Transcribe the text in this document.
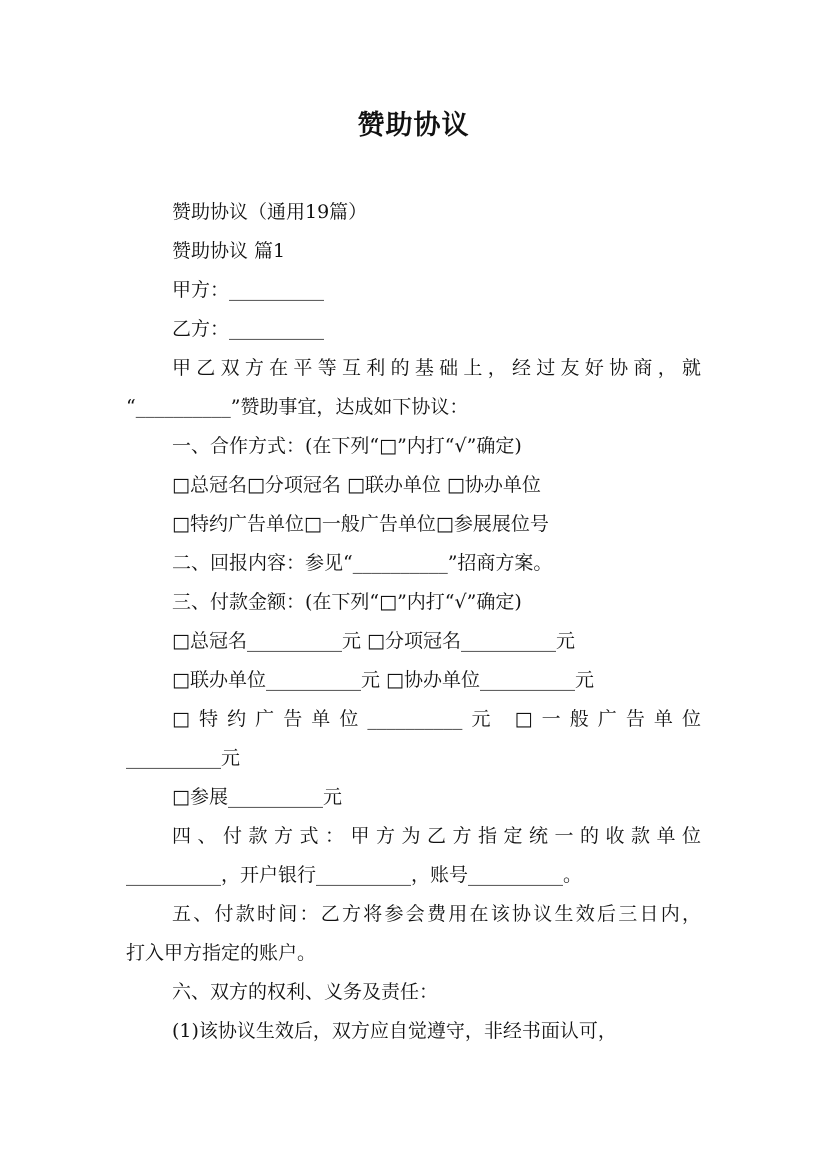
赞助协议
赞助协议（通用19篇）
赞助协议 篇1
甲方：__________
乙方：__________
甲乙双方在平等互利的基础上，经过友好协商，就
“__________”赞助事宜，达成如下协议：
一、合作方式：(在下列“□”内打“√”确定)
□总冠名□分项冠名 □联办单位 □协办单位
□特约广告单位□一般广告单位□参展展位号
二、回报内容：参见“__________”招商方案。
三、付款金额：(在下列“□”内打“√”确定)
□总冠名__________元 □分项冠名__________元
□联办单位__________元 □协办单位__________元
□特约广告单位__________元 □一般广告单位
__________元
□参展__________元
四、付款方式：甲方为乙方指定统一的收款单位
__________，开户银行__________，账号__________。
五、付款时间：乙方将参会费用在该协议生效后三日内，
打入甲方指定的账户。
六、双方的权利、义务及责任：
(1)该协议生效后，双方应自觉遵守，非经书面认可，
